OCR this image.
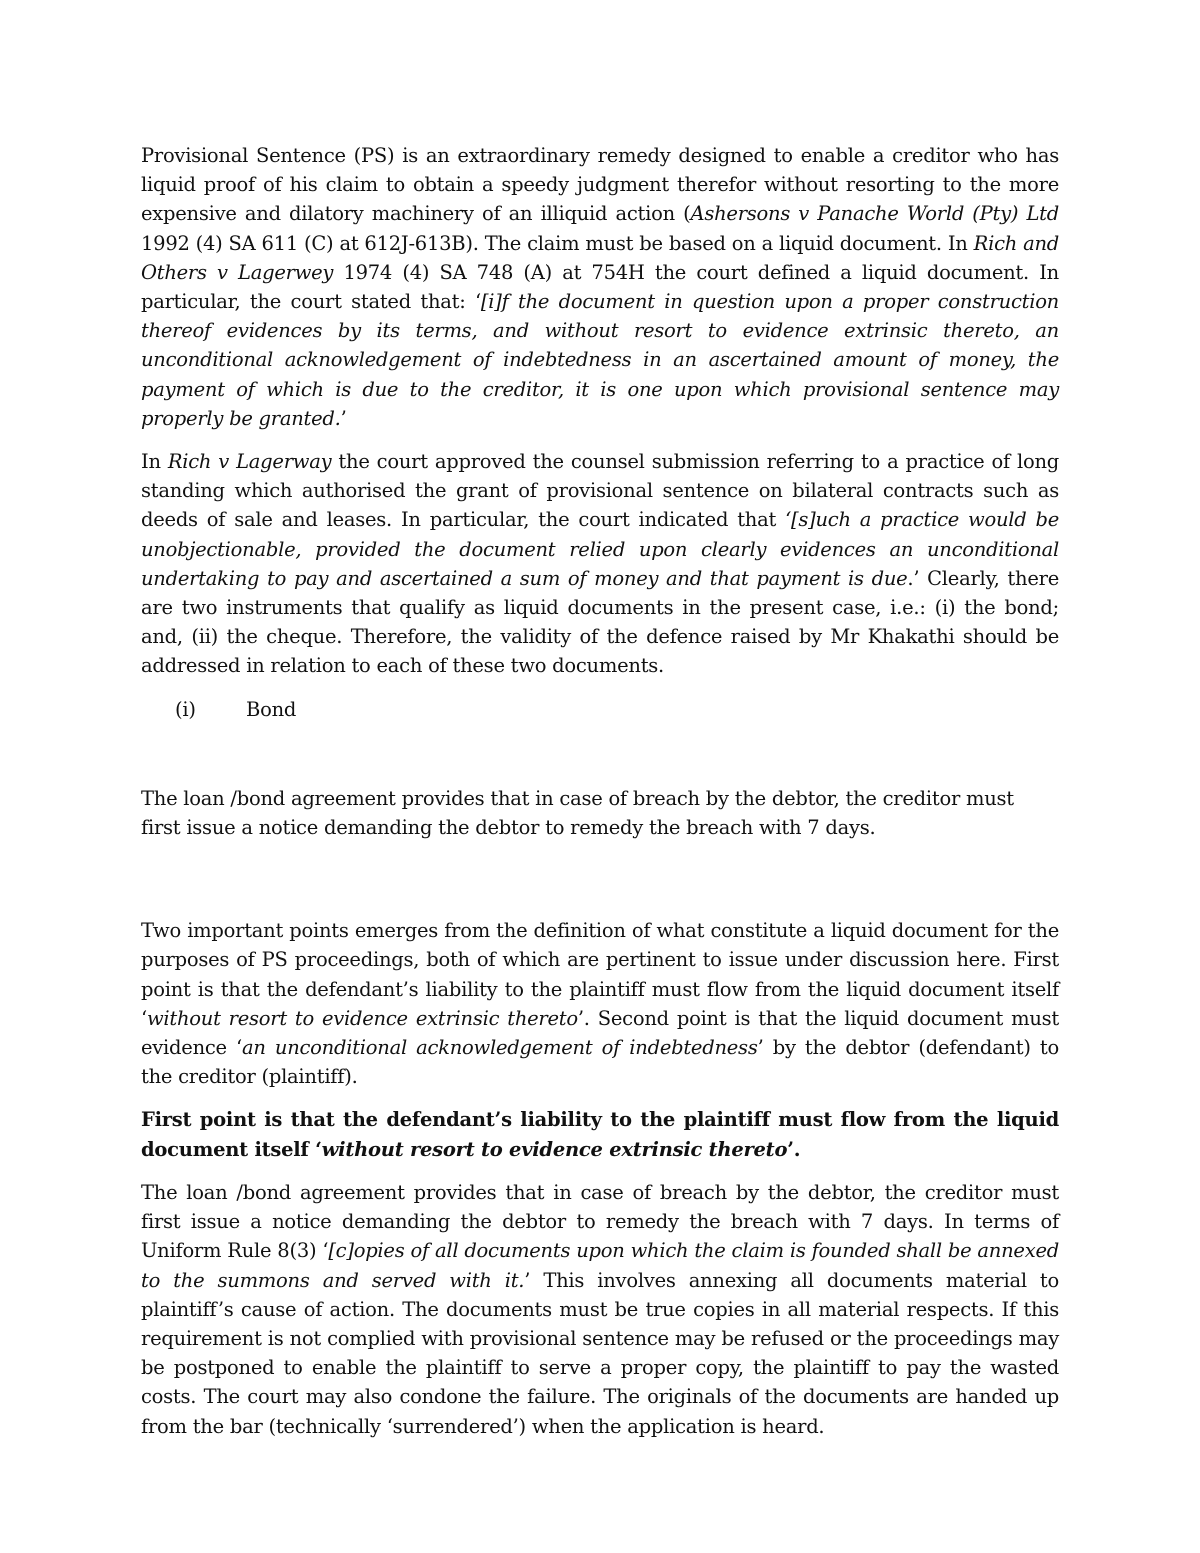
Provisional Sentence (PS) is an extraordinary remedy designed to enable a creditor who has liquid proof of his claim to obtain a speedy judgment therefor without resorting to the more expensive and dilatory machinery of an illiquid action (Ashersons v Panache World (Pty) Ltd 1992 (4) SA 611 (C) at 612J-613B). The claim must be based on a liquid document. In Rich and Others v Lagerwey 1974 (4) SA 748 (A) at 754H the court defined a liquid document. In particular, the court stated that: ‘[i]f the document in question upon a proper construction thereof evidences by its terms, and without resort to evidence extrinsic thereto, an unconditional acknowledgement of indebtedness in an ascertained amount of money, the payment of which is due to the creditor, it is one upon which provisional sentence may properly be granted.’

In Rich v Lagerway the court approved the counsel submission referring to a practice of long standing which authorised the grant of provisional sentence on bilateral contracts such as deeds of sale and leases. In particular, the court indicated that ‘[s]uch a practice would be unobjectionable, provided the document relied upon clearly evidences an unconditional undertaking to pay and ascertained a sum of money and that payment is due.’ Clearly, there are two instruments that qualify as liquid documents in the present case, i.e.: (i) the bond; and, (ii) the cheque. Therefore, the validity of the defence raised by Mr Khakathi should be addressed in relation to each of these two documents.

(i)	Bond

The loan /bond agreement provides that in case of breach by the debtor, the creditor must first issue a notice demanding the debtor to remedy the breach with 7 days.

Two important points emerges from the definition of what constitute a liquid document for the purposes of PS proceedings, both of which are pertinent to issue under discussion here. First point is that the defendant’s liability to the plaintiff must flow from the liquid document itself ‘without resort to evidence extrinsic thereto’. Second point is that the liquid document must evidence ‘an unconditional acknowledgement of indebtedness’ by the debtor (defendant) to the creditor (plaintiff).

First point is that the defendant’s liability to the plaintiff must flow from the liquid document itself ‘without resort to evidence extrinsic thereto’.

The loan /bond agreement provides that in case of breach by the debtor, the creditor must first issue a notice demanding the debtor to remedy the breach with 7 days. In terms of Uniform Rule 8(3) ‘[c]opies of all documents upon which the claim is founded shall be annexed to the summons and served with it.’ This involves annexing all documents material to plaintiff’s cause of action. The documents must be true copies in all material respects. If this requirement is not complied with provisional sentence may be refused or the proceedings may be postponed to enable the plaintiff to serve a proper copy, the plaintiff to pay the wasted costs. The court may also condone the failure. The originals of the documents are handed up from the bar (technically ‘surrendered’) when the application is heard.
